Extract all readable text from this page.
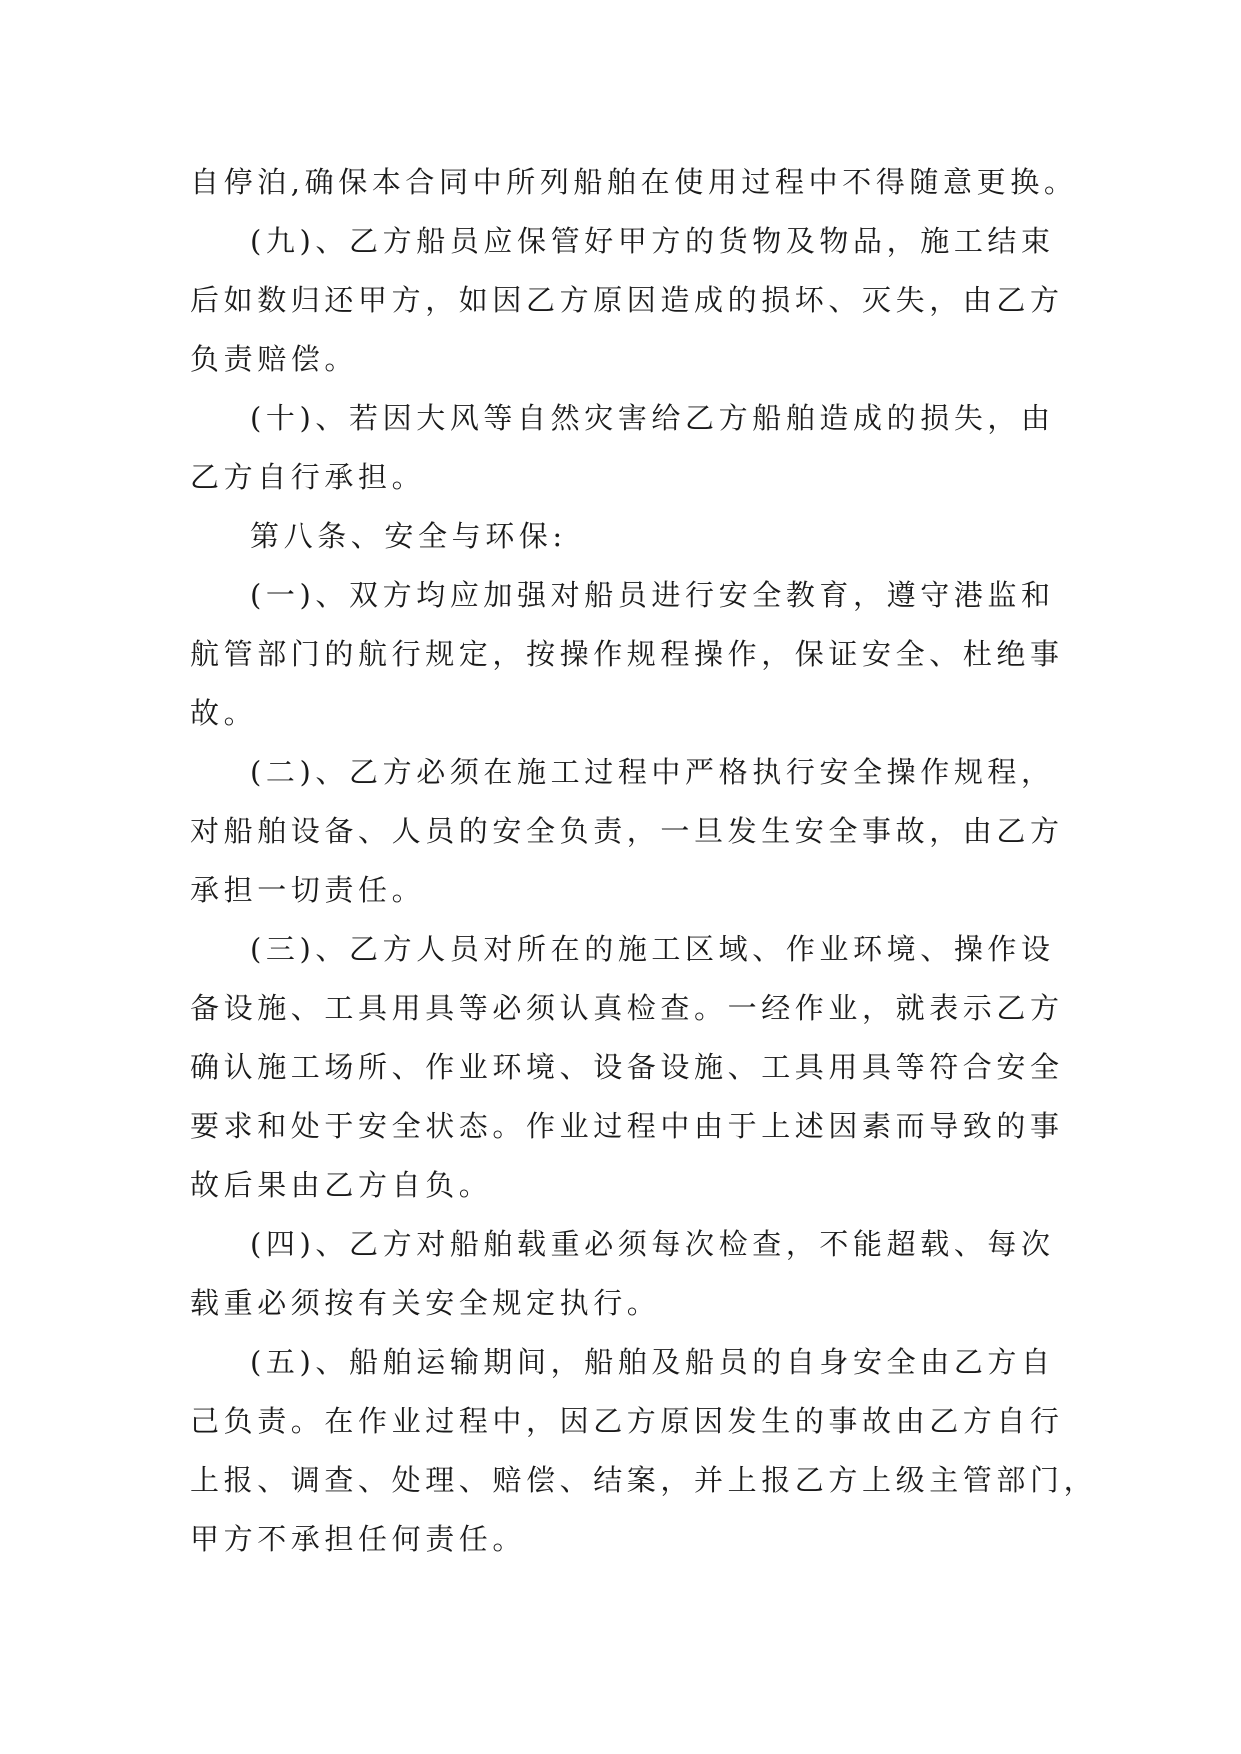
自停泊,确保本合同中所列船舶在使用过程中不得随意更换。
(九)、乙方船员应保管好甲方的货物及物品，施工结束
后如数归还甲方，如因乙方原因造成的损坏、灭失，由乙方
负责赔偿。
(十)、若因大风等自然灾害给乙方船舶造成的损失，由
乙方自行承担。
第八条、安全与环保:
(一)、双方均应加强对船员进行安全教育，遵守港监和
航管部门的航行规定，按操作规程操作，保证安全、杜绝事
故。
(二)、乙方必须在施工过程中严格执行安全操作规程，
对船舶设备、人员的安全负责，一旦发生安全事故，由乙方
承担一切责任。
(三)、乙方人员对所在的施工区域、作业环境、操作设
备设施、工具用具等必须认真检查。一经作业，就表示乙方
确认施工场所、作业环境、设备设施、工具用具等符合安全
要求和处于安全状态。作业过程中由于上述因素而导致的事
故后果由乙方自负。
(四)、乙方对船舶载重必须每次检查，不能超载、每次
载重必须按有关安全规定执行。
(五)、船舶运输期间，船舶及船员的自身安全由乙方自
己负责。在作业过程中，因乙方原因发生的事故由乙方自行
上报、调查、处理、赔偿、结案，并上报乙方上级主管部门，
甲方不承担任何责任。
